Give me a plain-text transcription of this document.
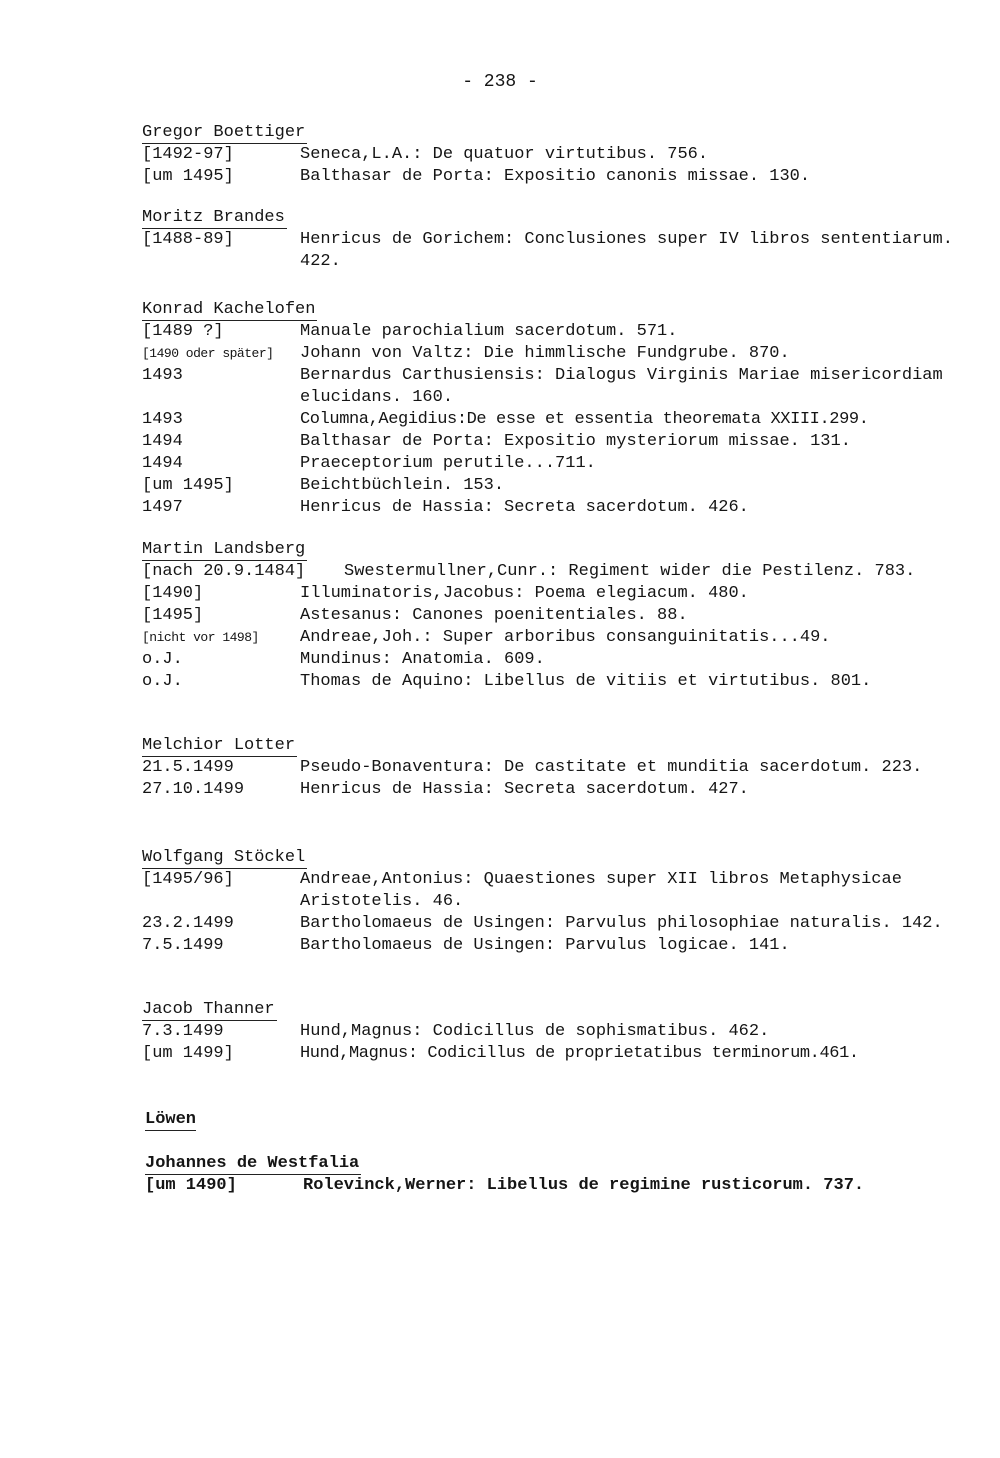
- 238 -
Gregor Boettiger
[1492-97]	Seneca,L.A.: De quatuor virtutibus. 756.
[um 1495]	Balthasar de Porta: Expositio canonis missae. 130.
Moritz Brandes
[1488-89]	Henricus de Gorichem: Conclusiones super IV libros sententiarum. 422.
Konrad Kachelofen
[1489 ?]	Manuale parochialium sacerdotum. 571.
[1490 oder später] Johann von Valtz: Die himmlische Fundgrube. 870.
1493	Bernardus Carthusiensis: Dialogus Virginis Mariae misericordiam elucidans. 160.
1493	Columna,Aegidius:De esse et essentia theoremata XXIII.299.
1494	Balthasar de Porta: Expositio mysteriorum missae. 131.
1494	Praeceptorium perutile...711.
[um 1495]	Beichtbüchlein. 153.
1497	Henricus de Hassia: Secreta sacerdotum. 426.
Martin Landsberg
[nach 20.9.1484] Swestermullner,Cunr.: Regiment wider die Pestilenz. 783.
[1490]	Illuminatoris,Jacobus: Poema elegiacum. 480.
[1495]	Astesanus: Canones poenitentiales. 88.
[nicht vor 1498] Andreae,Joh.: Super arboribus consanguinitatis...49.
o.J.	Mundinus: Anatomia. 609.
o.J.	Thomas de Aquino: Libellus de vitiis et virtutibus. 801.
Melchior Lotter
21.5.1499	Pseudo-Bonaventura: De castitate et munditia sacerdotum. 223.
27.10.1499	Henricus de Hassia: Secreta sacerdotum. 427.
Wolfgang Stöckel
[1495/96]	Andreae,Antonius: Quaestiones super XII libros Metaphysicae Aristotelis. 46.
23.2.1499	Bartholomaeus de Usingen: Parvulus philosophiae naturalis. 142.
7.5.1499	Bartholomaeus de Usingen: Parvulus logicae. 141.
Jacob Thanner
7.3.1499	Hund,Magnus: Codicillus de sophismatibus. 462.
[um 1499]	Hund,Magnus: Codicillus de proprietatibus terminorum.461.
Löwen
Johannes de Westfalia
[um 1490]	Rolevinck,Werner: Libellus de regimine rusticorum. 737.
